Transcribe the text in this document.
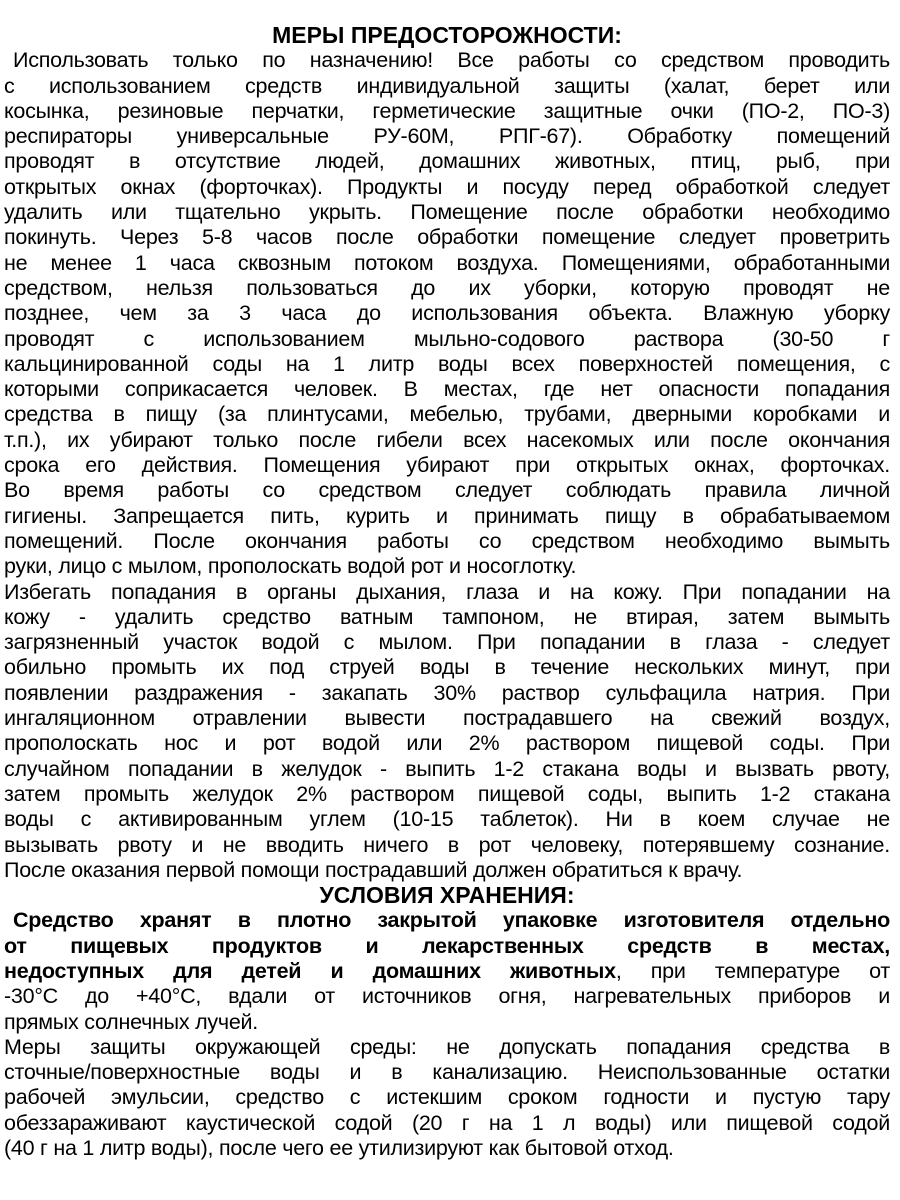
МЕРЫ ПРЕДОСТОРОЖНОСТИ:
Использовать только по назначению! Все работы со средством проводить
с использованием средств индивидуальной защиты (халат, берет или
косынка, резиновые перчатки, герметические защитные очки (ПО-2, ПО-3)
респираторы универсальные РУ-60М, РПГ-67). Обработку помещений
проводят в отсутствие людей, домашних животных, птиц, рыб, при
открытых окнах (форточках). Продукты и посуду перед обработкой следует
удалить или тщательно укрыть. Помещение после обработки необходимо
покинуть. Через 5-8 часов после обработки помещение следует проветрить
не менее 1 часа сквозным потоком воздуха. Помещениями, обработанными
средством, нельзя пользоваться до их уборки, которую проводят не
позднее, чем за 3 часа до использования объекта. Влажную уборку
проводят с использованием мыльно-содового раствора (30-50 г
кальцинированной соды на 1 литр воды всех поверхностей помещения, с
которыми соприкасается человек. В местах, где нет опасности попадания
средства в пищу (за плинтусами, мебелью, трубами, дверными коробками и
т.п.), их убирают только после гибели всех насекомых или после окончания
срока его действия. Помещения убирают при открытых окнах, форточках.
Во время работы со средством следует соблюдать правила личной
гигиены. Запрещается пить, курить и принимать пищу в обрабатываемом
помещений. После окончания работы со средством необходимо вымыть
руки, лицо с мылом, прополоскать водой рот и носоглотку.
Избегать попадания в органы дыхания, глаза и на кожу. При попадании на
кожу - удалить средство ватным тампоном, не втирая, затем вымыть
загрязненный участок водой с мылом. При попадании в глаза - следует
обильно промыть их под струей воды в течение нескольких минут, при
появлении раздражения - закапать 30% раствор сульфацила натрия. При
ингаляционном отравлении вывести пострадавшего на свежий воздух,
прополоскать нос и рот водой или 2% раствором пищевой соды. При
случайном попадании в желудок - выпить 1-2 стакана воды и вызвать рвоту,
затем промыть желудок 2% раствором пищевой соды, выпить 1-2 стакана
воды с активированным углем (10-15 таблеток). Ни в коем случае не
вызывать рвоту и не вводить ничего в рот человеку, потерявшему сознание.
После оказания первой помощи пострадавший должен обратиться к врачу.
УСЛОВИЯ ХРАНЕНИЯ:
Средство хранят в плотно закрытой упаковке изготовителя отдельно
от пищевых продуктов и лекарственных средств в местах,
недоступных для детей и домашних животных, при температуре от
-30°С до +40°С, вдали от источников огня, нагревательных приборов и
прямых солнечных лучей.
Меры защиты окружающей среды: не допускать попадания средства в
сточные/поверхностные воды и в канализацию. Неиспользованные остатки
рабочей эмульсии, средство с истекшим сроком годности и пустую тару
обеззараживают каустической содой (20 г на 1 л воды) или пищевой содой
(40 г на 1 литр воды), после чего ее утилизируют как бытовой отход.
